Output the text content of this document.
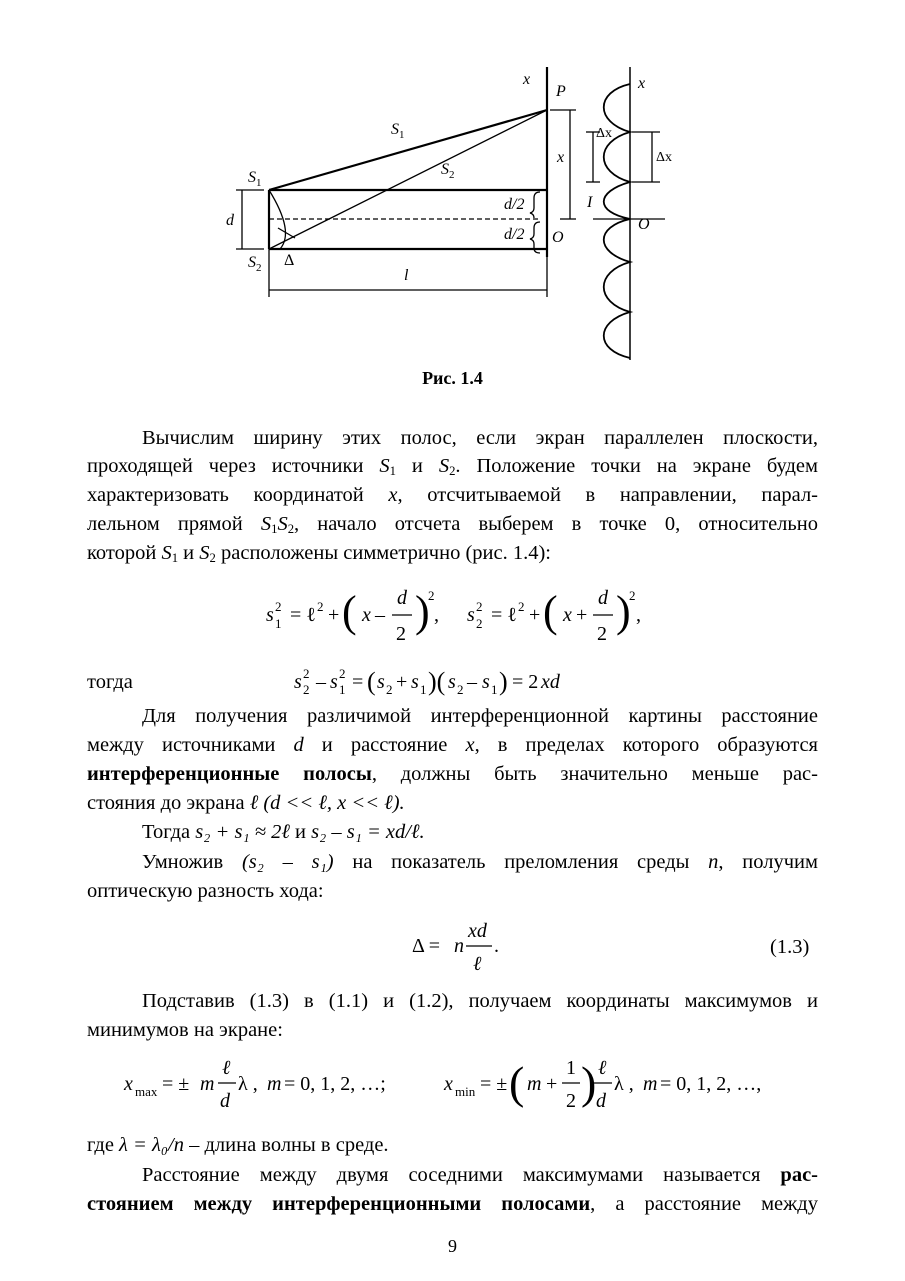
x
P
$S_1$
x
$S_2$
$S_1$
$S_2$
d
d/2
d/2 O
Δ
l
I
O
x
Δx
Δx
Рис. 1.4
Вычислим ширину этих полос, если экран параллелен плоскости,
проходящей через источники $S_1$ и $S_2$. Положение точки на экране будем
характеризовать координатой x, отсчитываемой в направлении, парал-
лельном прямой $S_1S_2$, начало отсчета выберем в точке 0, относительно
которой $S_1$ и $S_2$ расположены симметрично (рис. 1.4):
s 2
1 = ℓ 2 + ( x –
d
2 )
2
, s 2
2 = ℓ 2 + ( x +
d
2 )
2
,
тогда	s 2
2 – s 2
1 = ( s 2 + s 1 )( s 2 – s 1 ) = 2 xd
Для получения различимой интерференционной картины расстояние
между источниками d и расстояние x, в пределах которого образуются
интерференционные полосы, должны быть значительно меньше рас-
стояния до экрана ℓ (d << ℓ, x << ℓ).
Тогда s₂ + s₁ ≈ 2ℓ и s₂ – s₁ = xd/ℓ.
Умножив (s₂ – s₁) на показатель преломления среды n, получим
оптическую разность хода:
Δ = n
xd
ℓ
.	(1.3)
Подставив (1.3) в (1.1) и (1.2), получаем координаты максимумов и
минимумов на экране:
x max = ± m
ℓ
d
λ , m = 0, 1, 2, …;	x min = ± ( m +
1
2 ) ℓ
d
λ , m = 0, 1, 2, …,
где λ = λ₀/n – длина волны в среде.
Расстояние между двумя соседними максимумами называется рас-
стоянием между интерференционными полосами, а расстояние между
9
